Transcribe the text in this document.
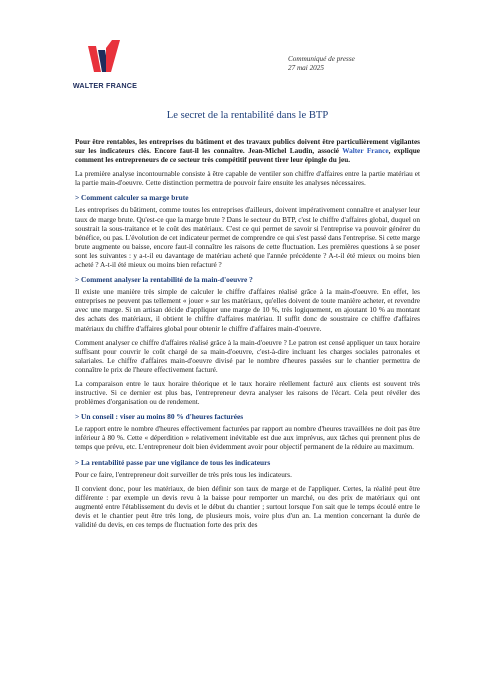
WALTER FRANCE
Communiqué de presse
27 mai 2025
Le secret de la rentabilité dans le BTP

Pour être rentables, les entreprises du bâtiment et des travaux publics doivent être particulièrement vigilantes sur les indicateurs clés. Encore faut-il les connaître. Jean-Michel Laudin, associé Walter France, explique comment les entrepreneurs de ce secteur très compétitif peuvent tirer leur épingle du jeu.

La première analyse incontournable consiste à être capable de ventiler son chiffre d'affaires entre la partie matériau et la partie main-d'oeuvre. Cette distinction permettra de pouvoir faire ensuite les analyses nécessaires.

> Comment calculer sa marge brute

Les entreprises du bâtiment, comme toutes les entreprises d'ailleurs, doivent impérativement connaître et analyser leur taux de marge brute. Qu'est-ce que la marge brute ? Dans le secteur du BTP, c'est le chiffre d'affaires global, duquel on soustrait la sous-traitance et le coût des matériaux. C'est ce qui permet de savoir si l'entreprise va pouvoir générer du bénéfice, ou pas. L'évolution de cet indicateur permet de comprendre ce qui s'est passé dans l'entreprise. Si cette marge brute augmente ou baisse, encore faut-il connaître les raisons de cette fluctuation. Les premières questions à se poser sont les suivantes : y a-t-il eu davantage de matériau acheté que l'année précédente ? A-t-il été mieux ou moins bien acheté ? A-t-il été mieux ou moins bien refacturé ?

> Comment analyser la rentabilité de la main-d'oeuvre ?

Il existe une manière très simple de calculer le chiffre d'affaires réalisé grâce à la main-d'oeuvre. En effet, les entreprises ne peuvent pas tellement « jouer » sur les matériaux, qu'elles doivent de toute manière acheter, et revendre avec une marge. Si un artisan décide d'appliquer une marge de 10 %, très logiquement, en ajoutant 10 % au montant des achats des matériaux, il obtient le chiffre d'affaires matériau. Il suffit donc de soustraire ce chiffre d'affaires matériaux du chiffre d'affaires global pour obtenir le chiffre d'affaires main-d'oeuvre.

Comment analyser ce chiffre d'affaires réalisé grâce à la main-d'oeuvre ? Le patron est censé appliquer un taux horaire suffisant pour couvrir le coût chargé de sa main-d'oeuvre, c'est-à-dire incluant les charges sociales patronales et salariales. Le chiffre d'affaires main-d'oeuvre divisé par le nombre d'heures passées sur le chantier permettra de connaître le prix de l'heure effectivement facturé.

La comparaison entre le taux horaire théorique et le taux horaire réellement facturé aux clients est souvent très instructive. Si ce dernier est plus bas, l'entrepreneur devra analyser les raisons de l'écart. Cela peut révéler des problèmes d'organisation ou de rendement.

> Un conseil : viser au moins 80 % d'heures facturées

Le rapport entre le nombre d'heures effectivement facturées par rapport au nombre d'heures travaillées ne doit pas être inférieur à 80 %. Cette « déperdition » relativement inévitable est due aux imprévus, aux tâches qui prennent plus de temps que prévu, etc. L'entrepreneur doit bien évidemment avoir pour objectif permanent de la réduire au maximum.

> La rentabilité passe par une vigilance de tous les indicateurs

Pour ce faire, l'entrepreneur doit surveiller de très près tous les indicateurs.

Il convient donc, pour les matériaux, de bien définir son taux de marge et de l'appliquer. Certes, la réalité peut être différente : par exemple un devis revu à la baisse pour remporter un marché, ou des prix de matériaux qui ont augmenté entre l'établissement du devis et le début du chantier ; surtout lorsque l'on sait que le temps écoulé entre le devis et le chantier peut être très long, de plusieurs mois, voire plus d'un an. La mention concernant la durée de validité du devis, en ces temps de fluctuation forte des prix des
